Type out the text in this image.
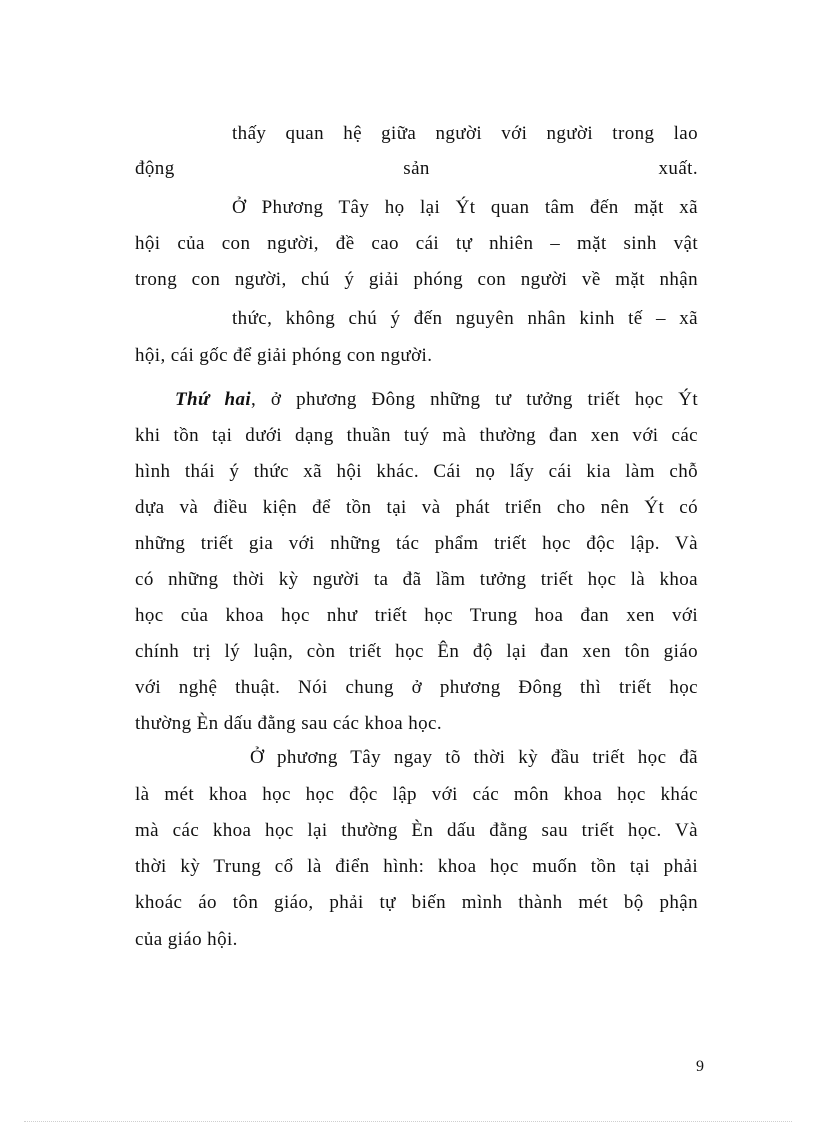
thấy quan hệ giữa người với người trong lao
động	sản	xuất.
Ở Phương Tây họ lại Ýt quan tâm đến mặt xã
hội của con người, đề cao cái tự nhiên – mặt sinh vật
trong con người, chú ý giải phóng con người về mặt nhận
thức, không chú ý đến nguyên nhân kinh tế – xã
hội, cái gốc để giải phóng con người.
Thứ hai, ở phương Đông những tư tưởng triết học Ýt
khi tồn tại dưới dạng thuần tuý mà thường đan xen với các
hình thái ý thức xã hội khác. Cái nọ lấy cái kia làm chỗ
dựa và điều kiện để tồn tại và phát triển cho nên Ýt có
những triết gia với những tác phẩm triết học độc lập. Và
có những thời kỳ người ta đã lầm tưởng triết học là khoa
học của khoa học như triết học Trung hoa đan xen với
chính trị lý luận, còn triết học Ên độ lại đan xen tôn giáo
với nghệ thuật. Nói chung ở phương Đông thì triết học
thường Èn dấu đằng sau các khoa học.
Ở phương Tây ngay tõ thời kỳ đầu triết học đã
là mét khoa học học độc lập với các môn khoa học khác
mà các khoa học lại thường Èn dấu đằng sau triết học. Và
thời kỳ Trung cổ là điển hình: khoa học muốn tồn tại phải
khoác áo tôn giáo, phải tự biến mình thành mét bộ phận
của giáo hội.
9
